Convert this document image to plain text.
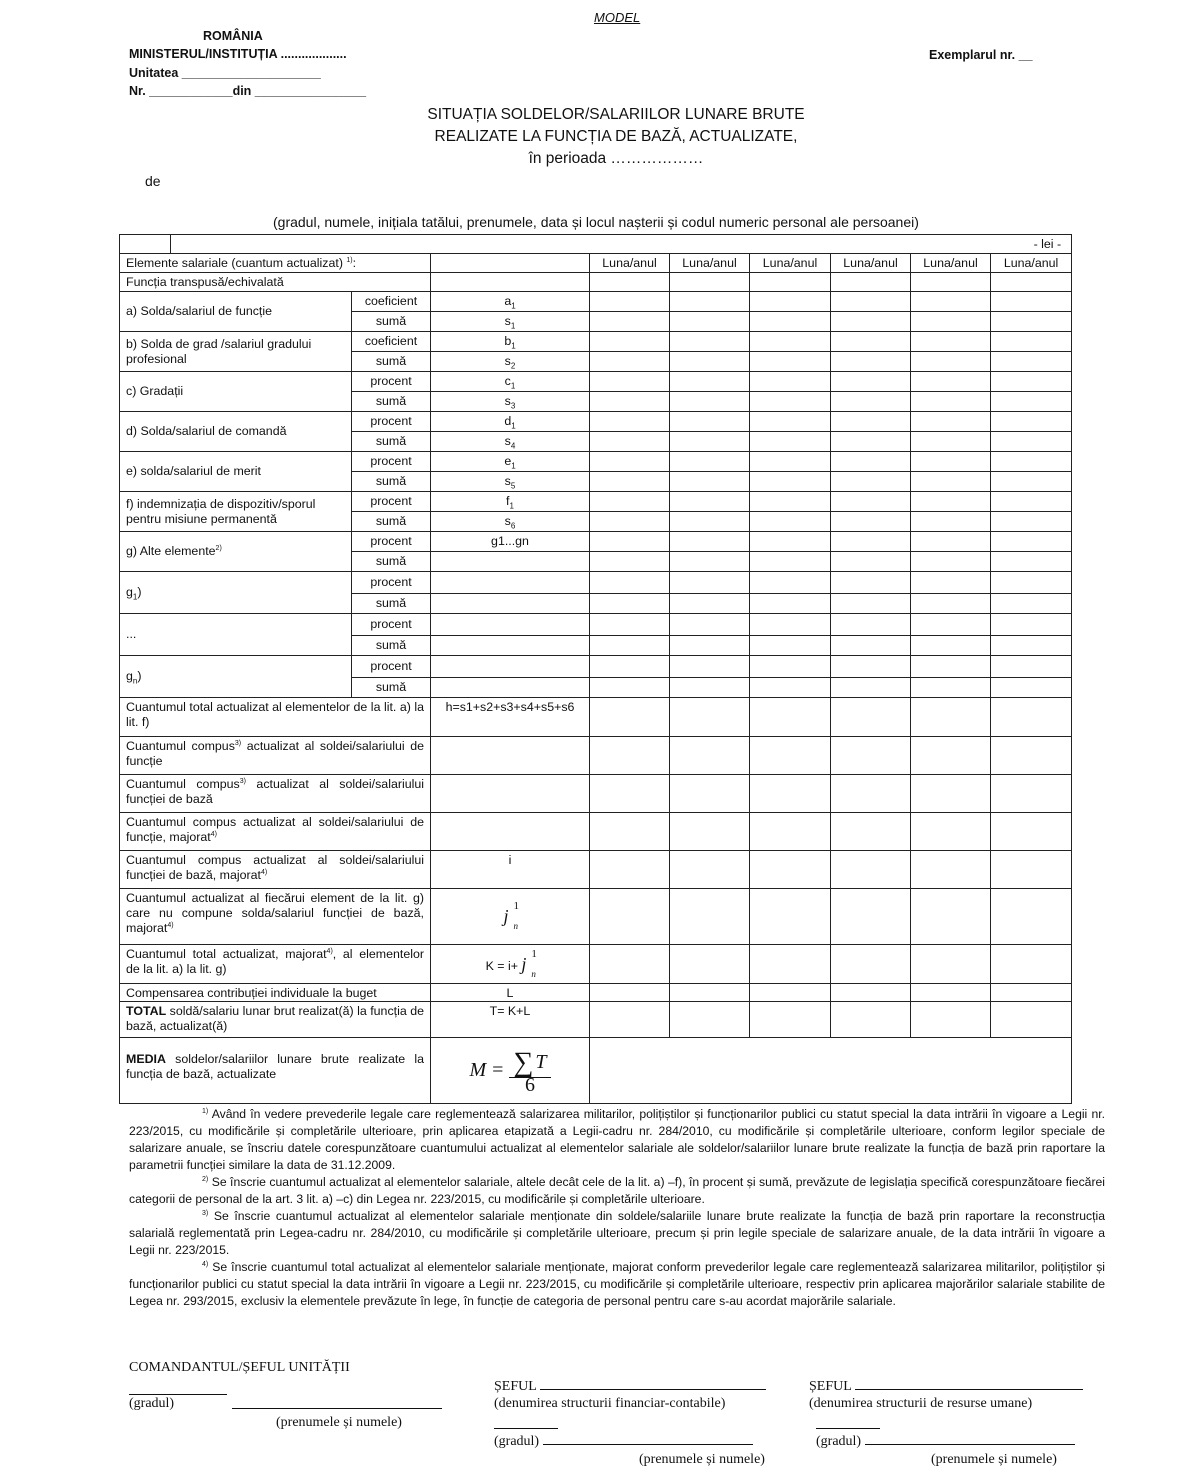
MODEL
ROMÂNIA
MINISTERUL/INSTITUȚIA ...................
Unitatea ____________________
Nr. ____________din ________________
Exemplarul nr. __
SITUAȚIA SOLDELOR/SALARIILOR LUNARE BRUTE
REALIZATE LA FUNCȚIA DE BAZĂ, ACTUALIZATE,
în perioada ………………
de
(gradul, numele, inițiala tatălui, prenumele, data și locul nașterii și codul numeric personal ale persoanei)
	- lei -								
Elemente salariale (cuantum actualizat) $^{1)}$:				Luna/anul	Luna/anul	Luna/anul	Luna/anul	Luna/anul	Luna/anul
Funcția transpusă/echivalată									
a) Solda/salariul de funcție		coeficient	$a_1$						
		sumă	$s_1$						
b) Solda de grad /salariul gradului profesional		coeficient	$b_1$						
		sumă	$s_2$						
c) Gradații		procent	$c_1$						
		sumă	$s_3$						
d) Solda/salariul de comandă		procent	$d_1$						
		sumă	$s_4$						
e) solda/salariul de merit		procent	$e_1$						
		sumă	$s_5$						
f) indemnizația de dispozitiv/sporul pentru misiune permanentă		procent	$f_1$						
		sumă	$s_6$						
g) Alte elemente$^{2)}$		procent	g1...gn						
		sumă							
$g_1$)		procent							
		sumă							
...		procent							
		sumă							
$g_n$)		procent							
		sumă							
Cuantumul total actualizat al elementelor de la lit. a) la lit. f)			h=s1+s2+s3+s4+s5+s6						
Cuantumul compus$^{3)}$ actualizat al soldei/salariului de funcție									
Cuantumul compus$^{3)}$ actualizat al soldei/salariului funcției de bază									
Cuantumul compus actualizat al soldei/salariului de funcție, majorat$^{4)}$							
Cuantumul compus actualizat al soldei/salariului funcției de bază, majorat$^{4)}$			i						
Cuantumul actualizat al fiecărui element de la lit. g) care nu compune solda/salariul funcției de bază, majorat$^{4)}$			j 1
n						

Cuantumul total actualizat, majorat$^{4)}$, al elementelor de la lit. a) la lit. g)			K = i+ j 1
n						

Compensarea contribuției individuale la buget			L						
TOTAL soldă/salariu lunar brut realizat(ă) la funcția de bază, actualizat(ă)			T= K+L						
MEDIA soldelor/salariilor lunare brute realizate la funcția de bază, actualizate			$M = \frac{\sum T}{6}$

$^{1)}$ Având în vedere prevederile legale care reglementează salarizarea militarilor, polițiștilor și funcționarilor publici cu statut special la data intrării în vigoare a Legii nr. 223/2015, cu modificările și completările ulterioare, prin aplicarea etapizată a Legii-cadru nr. 284/2010, cu modificările și completările ulterioare, conform legilor speciale de salarizare anuale, se înscriu datele corespunzătoare cuantumului actualizat al elementelor salariale ale soldelor/salariilor lunare brute realizate la funcția de bază prin raportare la parametrii funcției similare la data de 31.12.2009.

$^{2)}$ Se înscrie cuantumul actualizat al elementelor salariale, altele decât cele de la lit. a) –f), în procent și sumă, prevăzute de legislația specifică corespunzătoare fiecărei categorii de personal de la art. 3 lit. a) –c) din Legea nr. 223/2015, cu modificările și completările ulterioare.

$^{3)}$ Se înscrie cuantumul actualizat al elementelor salariale menționate din soldele/salariile lunare brute realizate la funcția de bază prin raportare la reconstrucția salarială reglementată prin Legea-cadru nr. 284/2010, cu modificările și completările ulterioare, precum și prin legile speciale de salarizare anuale, de la data intrării în vigoare a Legii nr. 223/2015.

$^{4)}$ Se înscrie cuantumul total actualizat al elementelor salariale menționate, majorat conform prevederilor legale care reglementează salarizarea militarilor, polițiștilor și funcționarilor publici cu statut special la data intrării în vigoare a Legii nr. 223/2015, cu modificările și completările ulterioare, respectiv prin aplicarea majorărilor salariale stabilite de Legea nr. 293/2015, exclusiv la elementele prevăzute în lege, în funcție de categoria de personal pentru care s-au acordat majorările salariale.

COMANDANTUL/ȘEFUL UNITĂȚII
(gradul)
(prenumele și numele)
ȘEFUL
(denumirea structurii financiar-contabile)
(gradul)
(prenumele și numele)
ȘEFUL
(denumirea structurii de resurse umane)
(gradul)
(prenumele și numele)
